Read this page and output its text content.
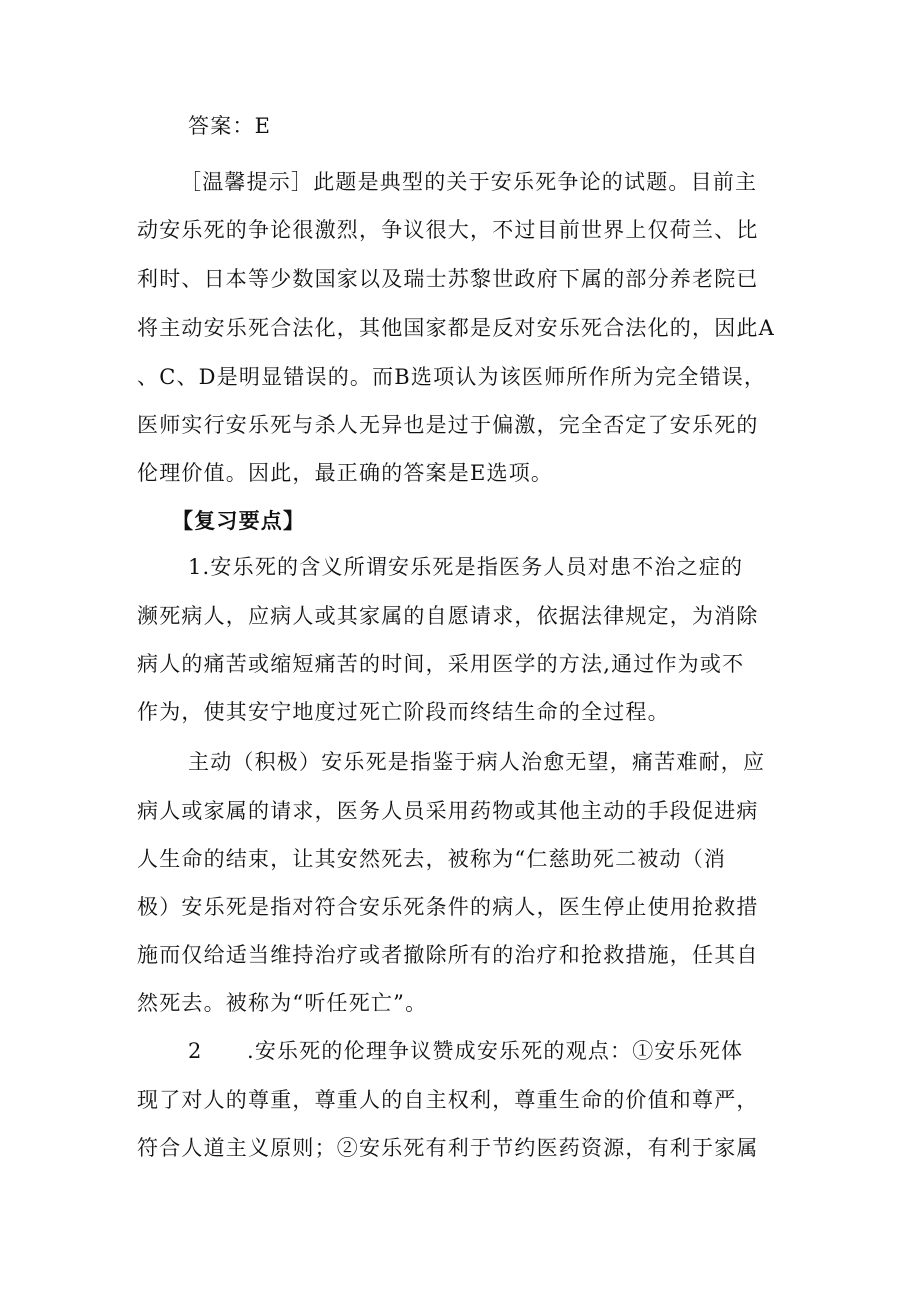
答案：E
［温馨提示］此题是典型的关于安乐死争论的试题。目前主
动安乐死的争论很激烈，争议很大，不过目前世界上仅荷兰、比
利时、日本等少数国家以及瑞士苏黎世政府下属的部分养老院已
将主动安乐死合法化，其他国家都是反对安乐死合法化的，因此A
、C、D是明显错误的。而B选项认为该医师所作所为完全错误，
医师实行安乐死与杀人无异也是过于偏激，完全否定了安乐死的
伦理价值。因此，最正确的答案是E选项。
【复习要点】
1.安乐死的含义所谓安乐死是指医务人员对患不治之症的
濒死病人，应病人或其家属的自愿请求，依据法律规定，为消除
病人的痛苦或缩短痛苦的时间，采用医学的方法,通过作为或不
作为，使其安宁地度过死亡阶段而终结生命的全过程。
主动（积极）安乐死是指鉴于病人治愈无望，痛苦难耐，应
病人或家属的请求，医务人员采用药物或其他主动的手段促进病
人生命的结束，让其安然死去，被称为“仁慈助死二被动（消
极）安乐死是指对符合安乐死条件的病人，医生停止使用抢救措
施而仅给适当维持治疗或者撤除所有的治疗和抢救措施，任其自
然死去。被称为“听任死亡”。
2　　.安乐死的伦理争议赞成安乐死的观点：①安乐死体
现了对人的尊重，尊重人的自主权利，尊重生命的价值和尊严，
符合人道主义原则；②安乐死有利于节约医药资源，有利于家属
